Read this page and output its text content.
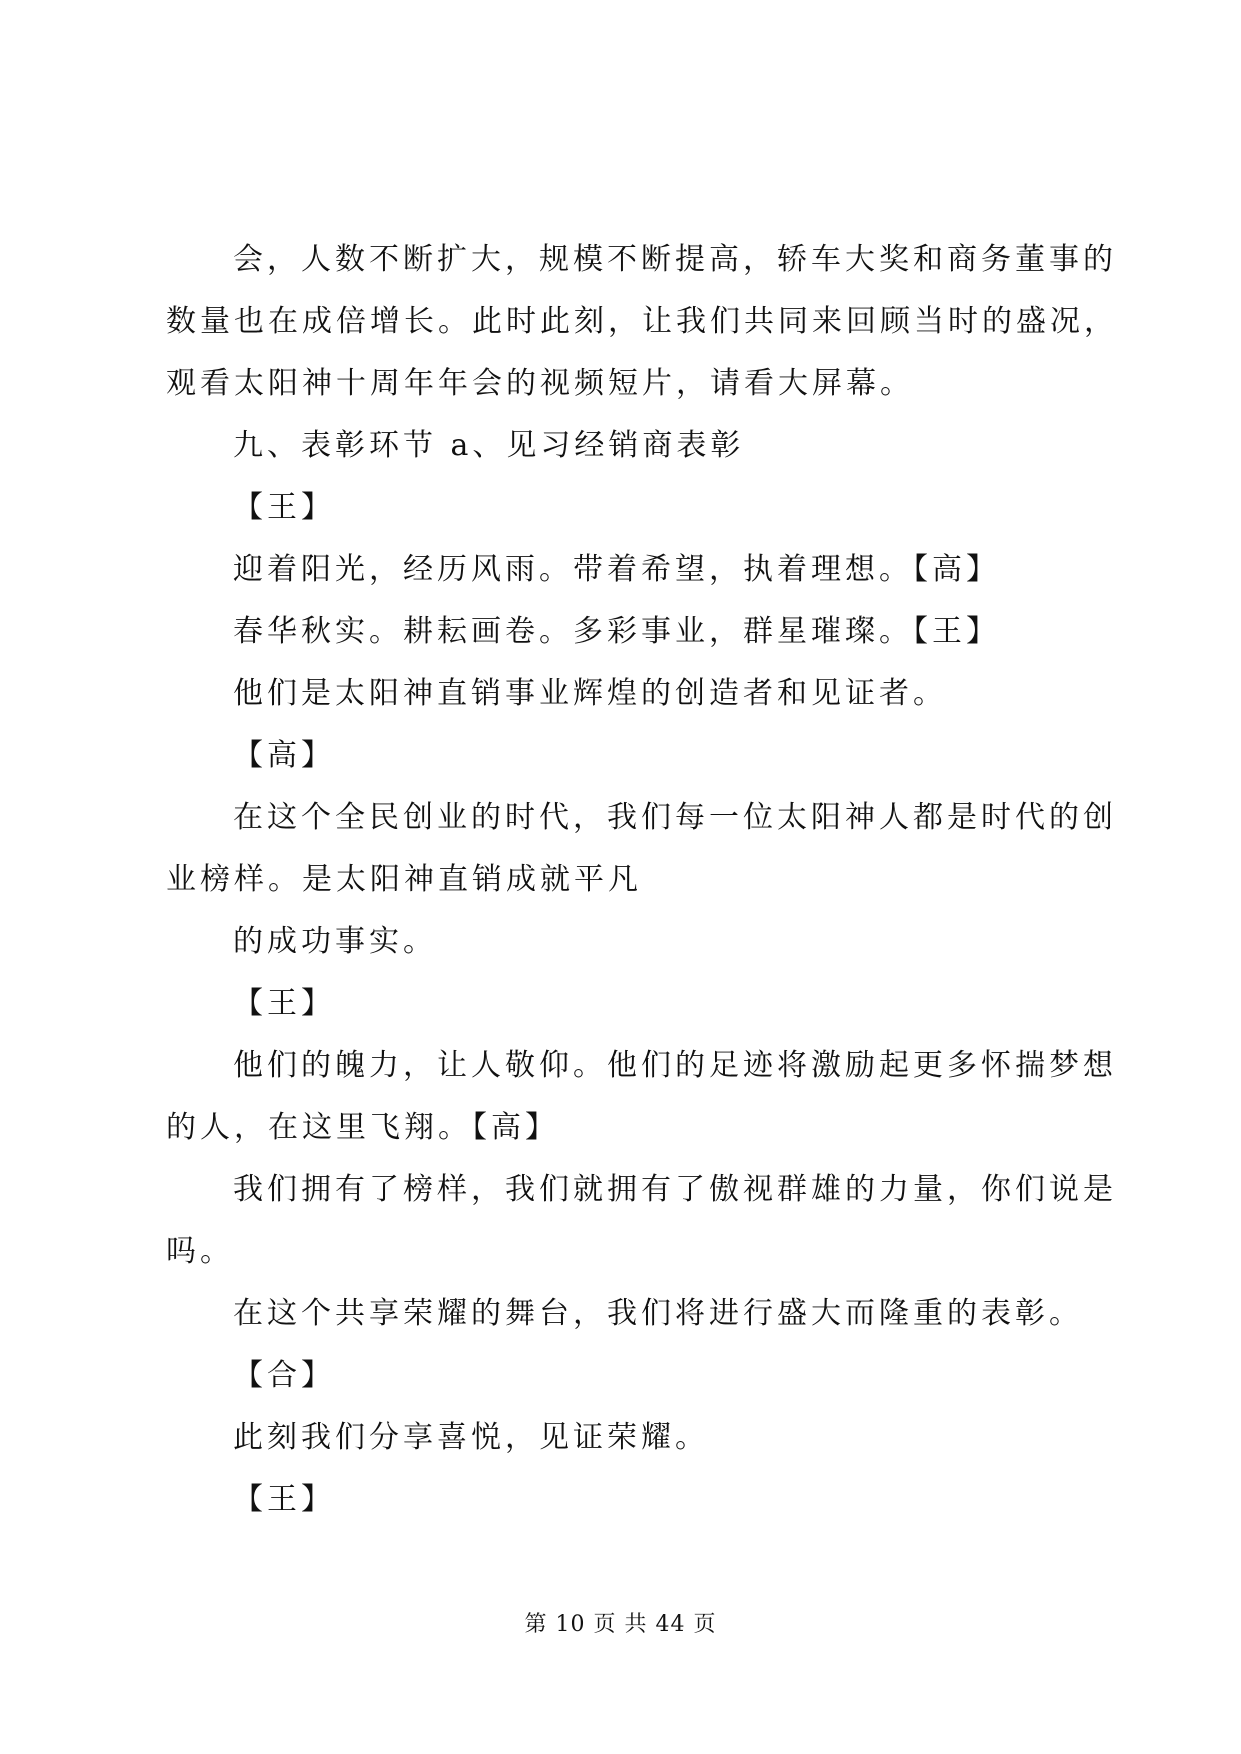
会，人数不断扩大，规模不断提高，轿车大奖和商务董事的
数量也在成倍增长。此时此刻，让我们共同来回顾当时的盛况，
观看太阳神十周年年会的视频短片，请看大屏幕。
九、表彰环节 a、见习经销商表彰
【王】
迎着阳光，经历风雨。带着希望，执着理想。【高】
春华秋实。耕耘画卷。多彩事业，群星璀璨。【王】
他们是太阳神直销事业辉煌的创造者和见证者。
【高】
在这个全民创业的时代，我们每一位太阳神人都是时代的创
业榜样。是太阳神直销成就平凡
的成功事实。
【王】
他们的魄力，让人敬仰。他们的足迹将激励起更多怀揣梦想
的人，在这里飞翔。【高】
我们拥有了榜样，我们就拥有了傲视群雄的力量，你们说是
吗。
在这个共享荣耀的舞台，我们将进行盛大而隆重的表彰。
【合】
此刻我们分享喜悦，见证荣耀。
【王】
第 10 页 共 44 页
